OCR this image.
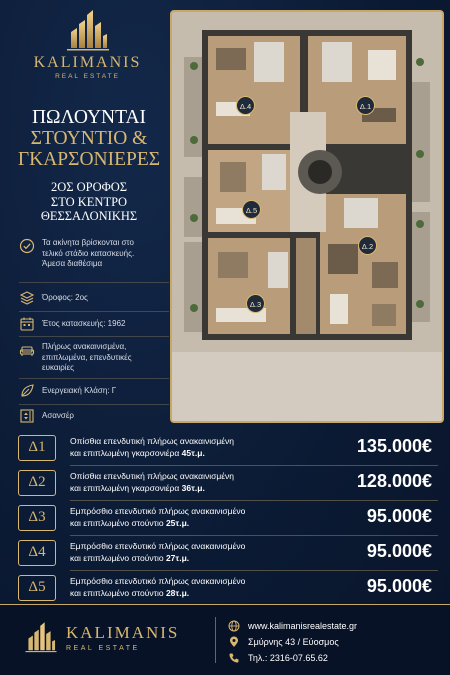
KALIMANIS
REAL ESTATE
ΠΩΛΟΥΝΤΑΙ
ΣΤΟΥΝΤΙΟ &
ΓΚΑΡΣΟΝΙΕΡΕΣ
2ΟΣ ΟΡΟΦΟΣ
ΣΤΟ ΚΕΝΤΡΟ
ΘΕΣΣΑΛΟΝΙΚΗΣ
Τα ακίνητα βρίσκονται στο τελικό στάδιο κατασκευής. Άμεσα διαθέσιμα
Όροφος: 2ος
Έτος κατασκευής: 1962
Πλήρως ανακαινισμένα, επιπλωμένα, επενδυτικές ευκαιρίες
Ενεργειακή Κλάση: Γ
Ασανσέρ
Δ.1
Δ.2
Δ.3
Δ.4
Δ.5
Δ1	Οπίσθια επενδυτική πλήρως ανακαινισμένη
και επιπλωμένη γκαρσονιέρα 45τ.μ.	135.000€
Δ2	Οπίσθια επενδυτική πλήρως ανακαινισμένη
και επιπλωμένη γκαρσονιέρα 36τ.μ.	128.000€
Δ3	Εμπρόσθιο επενδυτικό πλήρως ανακαινισμένο
και επιπλωμένο στούντιο 25τ.μ.	95.000€
Δ4	Εμπρόσθιο επενδυτικό πλήρως ανακαινισμένο
και επιπλωμένο στούντιο 27τ.μ.	95.000€
Δ5	Εμπρόσθιο επενδυτικό πλήρως ανακαινισμένο
και επιπλωμένο στούντιο 28τ.μ.	95.000€
KALIMANIS
REAL ESTATE
www.kalimanisrealestate.gr
Σμύρνης 43 / Εύοσμος
Τηλ.: 2316-07.65.62
